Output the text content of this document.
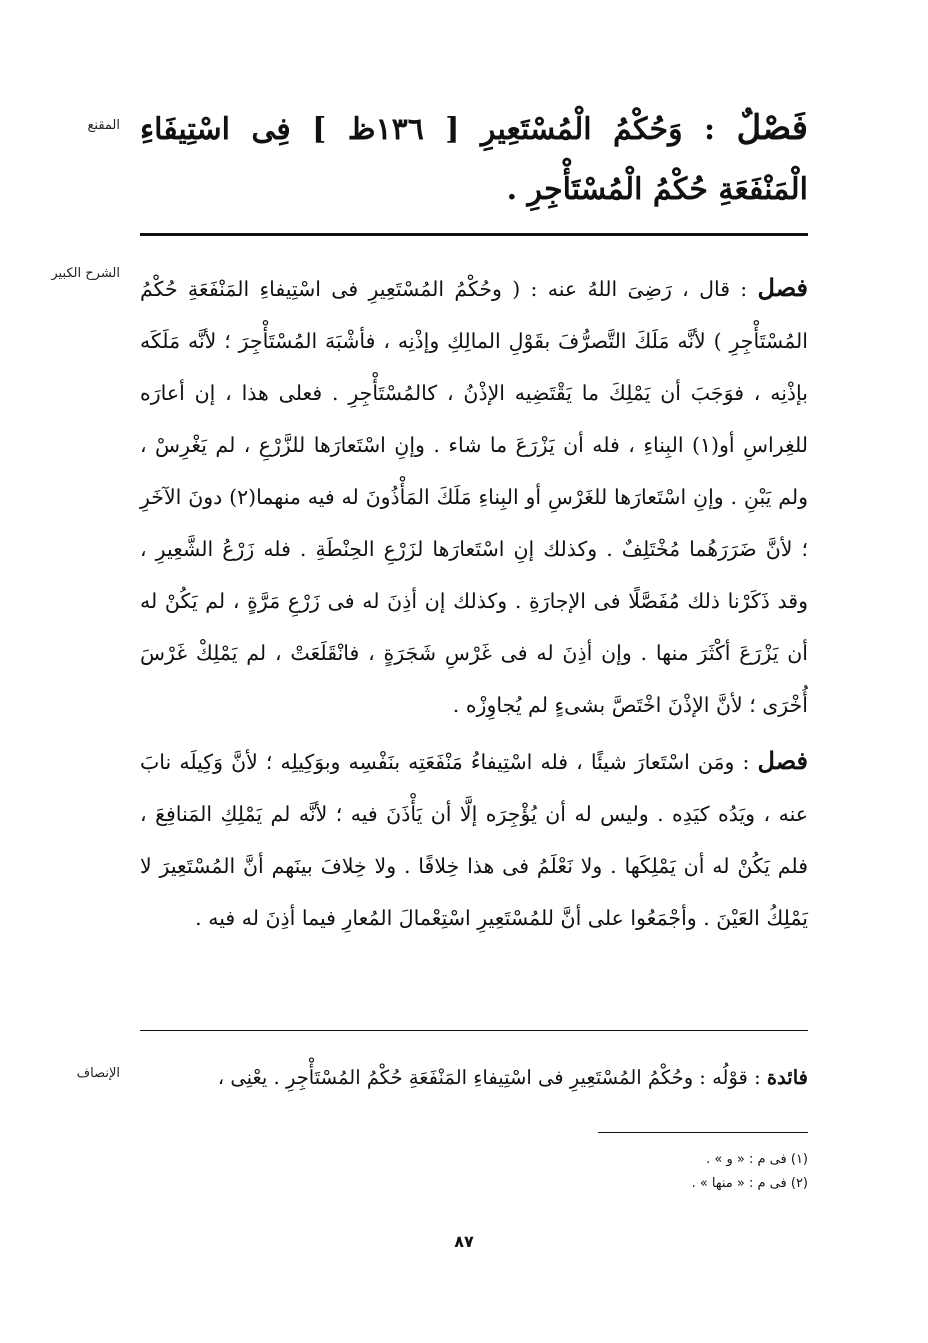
المقنع	فَصْلٌ : وَحُكْمُ الْمُسْتَعِيرِ [ ١٣٦ظ ] فِى اسْتِيفَاءِ الْمَنْفَعَةِ حُكْمُ الْمُسْتَأْجِرِ .
الشرح الكبير	فصل : قال ، رَضِىَ اللهُ عنه : ( وحُكْمُ المُسْتَعِيرِ فى اسْتِيفاءِ المَنْفَعَةِ حُكْمُ المُسْتَأْجِرِ ) لأنَّه مَلَكَ التَّصرُّفَ بقَوْلِ المالِكِ وإذْنِه ، فأشْبَهَ المُسْتَأْجِرَ ؛ لأنَّه مَلَكَه بإذْنِه ، فوَجَبَ أن يَمْلِكَ ما يَقْتَضِيه الإذْنُ ، كالمُسْتَأْجِرِ . فعلى هذا ، إن أعارَه للغِراسِ أو(١) البِناءِ ، فله أن يَزْرَعَ ما شاء . وإنِ اسْتَعارَها للزَّرْعِ ، لم يَغْرِسْ ، ولم يَبْنِ . وإنِ اسْتَعارَها للغَرْسِ أو البِناءِ مَلَكَ المَأْذُونَ له فيه منهما(٢) دونَ الآخَرِ ؛ لأنَّ ضَرَرَهُما مُخْتَلِفٌ . وكذلك إنِ اسْتَعارَها لزَرْعِ الحِنْطَةِ . فله زَرْعُ الشَّعِيرِ ، وقد ذَكَرْنا ذلك مُفَصَّلًا فى الإجارَةِ . وكذلك إن أذِنَ له فى زَرْعِ مَرَّةٍ ، لم يَكُنْ له أن يَزْرَعَ أكْثَرَ منها . وإن أذِنَ له فى غَرْسِ شَجَرَةٍ ، فانْقَلَعَتْ ، لم يَمْلِكْ غَرْسَ أُخْرَى ؛ لأنَّ الإذْنَ اخْتَصَّ بشىءٍ لم يُجاوِزْه .

فصل : ومَن اسْتَعارَ شيئًا ، فله اسْتِيفاءُ مَنْفَعَتِه بنَفْسِه وبوَكِيلِه ؛ لأنَّ وَكِيلَه نابَ عنه ، ويَدُه كيَدِه . وليس له أن يُؤْجِرَه إلَّا أن يَأْذَنَ فيه ؛ لأنَّه لم يَمْلِكِ المَنافِعَ ، فلم يَكُنْ له أن يَمْلِكَها . ولا نَعْلَمُ فى هذا خِلافًا . ولا خِلافَ بينَهم أنَّ المُسْتَعِيرَ لا يَمْلِكُ العَيْنَ . وأجْمَعُوا على أنَّ للمُسْتَعِيرِ اسْتِعْمالَ المُعارِ فيما أذِنَ له فيه .

الإنصاف	فائدة : قوْلُه : وحُكْمُ المُسْتَعِيرِ فى اسْتِيفاءِ المَنْفَعَةِ حُكْمُ المُسْتَأْجِرِ . يعْنِى ،
(١) فى م : « و » .
(٢) فى م : « منها » .
٨٧
